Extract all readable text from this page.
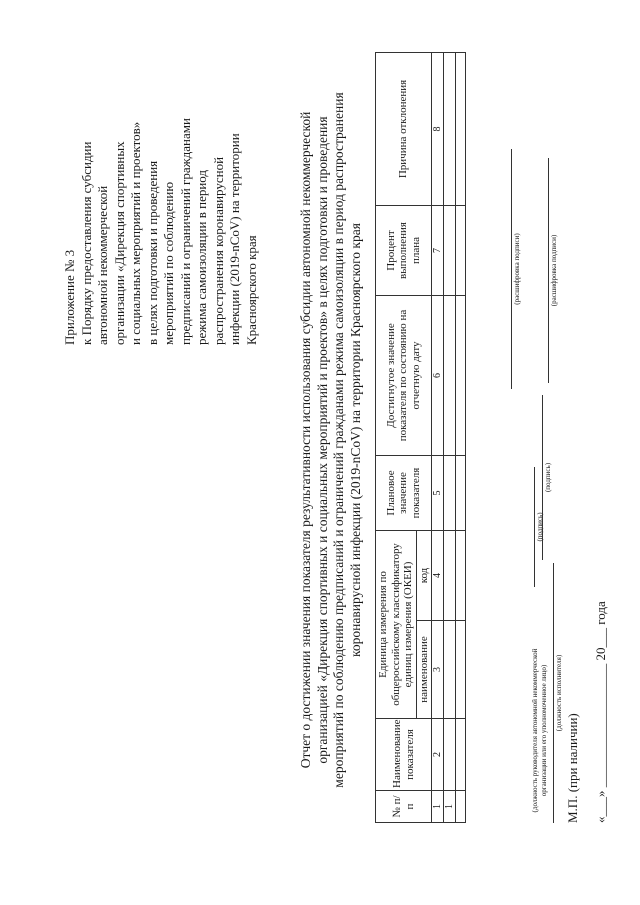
Приложение № 3 к Порядку предоставления субсидии автономной некоммерческой организации «Дирекция спортивных и социальных мероприятий и проектов» в целях подготовки и проведения мероприятий по соблюдению предписаний и ограничений гражданами режима самоизоляции в период распространения коронавирусной инфекции (2019-nCoV) на территории Красноярского края	Отчет о достижении значения показателя результативности использования субсидии автономной некоммерческой организацией «Дирекция спортивных и социальных мероприятий и проектов» в целях подготовки и проведения мероприятий по соблюдению предписаний и ограничений гражданами режима самоизоляции в период распространения коронавирусной инфекции (2019-nCoV) на территории Красноярского края
№ п/п	Наименование показателя	Единица измерения по общероссийскому классификатору единиц измерения (ОКЕИ)		Плановое значение показателя	Достигнутое значение показателя по состоянию на отчетную дату	Процент выполнения плана	Причина отклонения
		наименование	код				
1	2	3	4	5	6	7	8
1							
								(должность руководителя автономной некоммерческой организации или его уполномоченное лицо)
(подпись)
(расшифровка подписи)
(должность исполнителя)
(подпись)
(расшифровка подписи)
М.П. (при наличии) «___» ___________________ 20___ года
